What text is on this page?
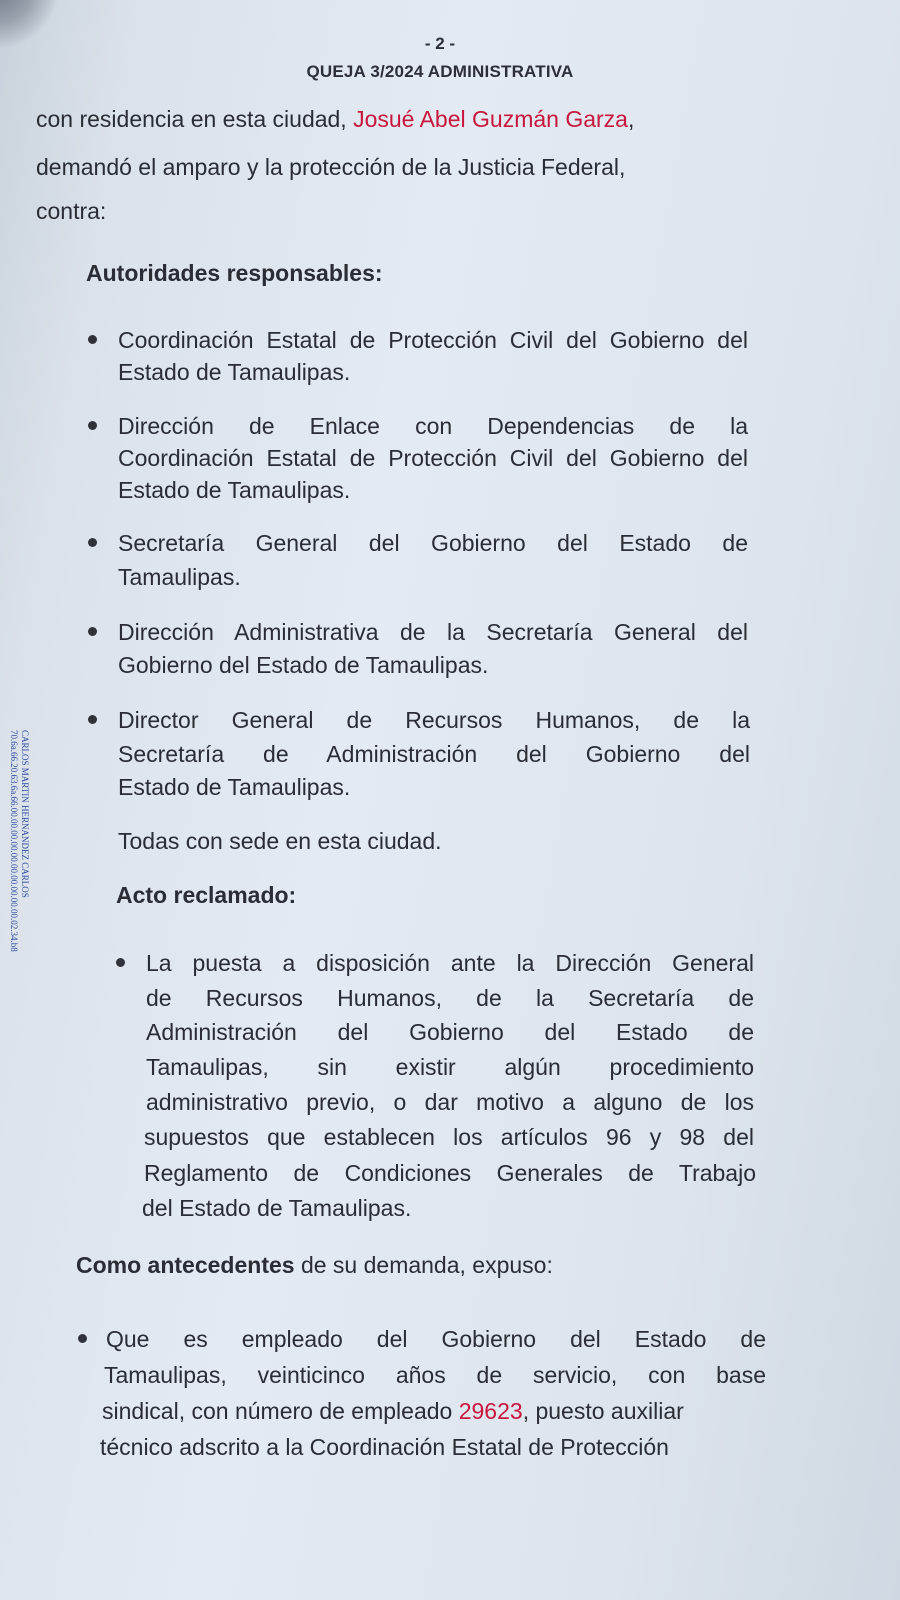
- 2 -
QUEJA 3/2024 ADMINISTRATIVA
con residencia en esta ciudad, Josué Abel Guzmán Garza,
demandó el amparo y la protección de la Justicia Federal,
contra:
Autoridades responsables:
Coordinación Estatal de Protección Civil del Gobierno del
Estado de Tamaulipas.
Dirección de Enlace con Dependencias de la
Coordinación Estatal de Protección Civil del Gobierno del
Estado de Tamaulipas.
Secretaría General del Gobierno del Estado de
Tamaulipas.
Dirección Administrativa de la Secretaría General del
Gobierno del Estado de Tamaulipas.
Director General de Recursos Humanos, de la
Secretaría de Administración del Gobierno del
Estado de Tamaulipas.
Todas con sede en esta ciudad.
Acto reclamado:
La puesta a disposición ante la Dirección General
de Recursos Humanos, de la Secretaría de
Administración del Gobierno del Estado de
Tamaulipas, sin existir algún procedimiento
administrativo previo, o dar motivo a alguno de los
supuestos que establecen los artículos 96 y 98 del
Reglamento de Condiciones Generales de Trabajo
del Estado de Tamaulipas.
Como antecedentes de su demanda, expuso:
Que es empleado del Gobierno del Estado de
Tamaulipas, veinticinco años de servicio, con base
sindical, con número de empleado 29623, puesto auxiliar
técnico adscrito a la Coordinación Estatal de Protección
CARLOS MARTIN HERNANDEZ CARLOS
70.6a.66.20.63.6a.66.00.00.00.00.00.00.00.00.00.00.02.34.b8
